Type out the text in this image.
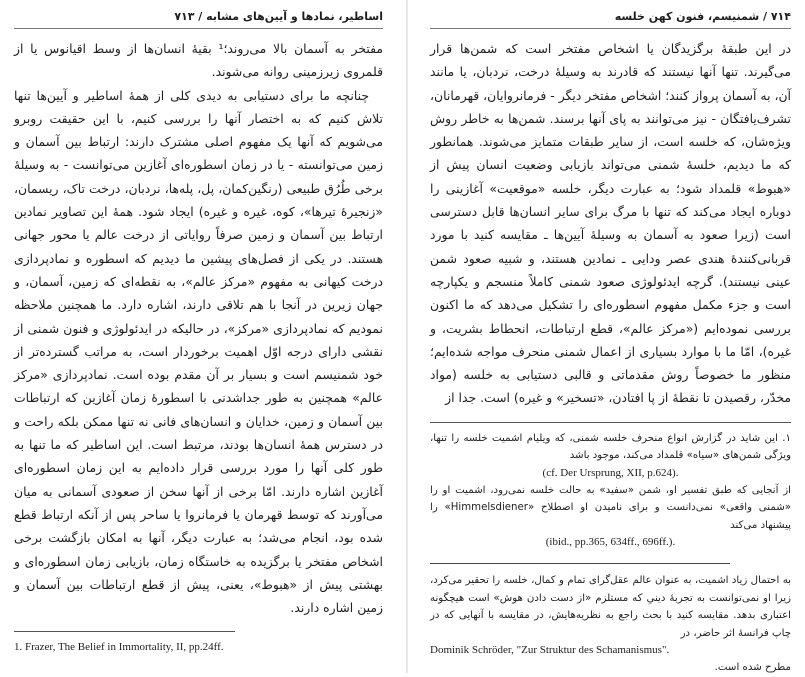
۷۱۴ / شمنیسم، فنون کهن خلسه

در این طبقهٔ برگزیدگان یا اشخاص مفتخر است که شمن‌ها قرار می‌گیرند. تنها آنها نیستند که قادرند به وسیلهٔ درخت، نردبان، یا مانند آن، به آسمان پرواز کنند؛ اشخاص مفتخر دیگر - فرمانروایان، قهرمانان، تشرف‌یافتگان - نیز می‌توانند به پای آنها برسند. شمن‌ها به خاطر روش ویژه‌شان، که خلسه است، از سایر طبقات متمایز می‌شوند. همانطور که ما دیدیم، خلسهٔ شمنی می‌تواند بازیابی وضعیت انسان پیش از «هبوط» قلمداد شود؛ به عبارت دیگر، خلسه «موقعیت» آغازینی را دوباره ایجاد می‌کند که تنها با مرگ برای سایر انسان‌ها قابل دسترسی است (زیرا صعود به آسمان به وسیلهٔ آیین‌ها ـ مقایسه کنید با مورد قربانی‌کنندهٔ هندی عصر ودایی ـ نمادین هستند، و شبیه صعود شمن عینی نیستند). گرچه ایدئولوژی صعود شمنی کاملاً منسجم و یکپارچه است و جزء مکمل مفهوم اسطوره‌ای را تشکیل می‌دهد که ما اکنون بررسی نموده‌ایم («مرکز عالم»، قطع ارتباطات، انحطاط بشریت، و غیره)، امّا ما با موارد بسیاری از اعمال شمنی منحرف مواجه شده‌ایم؛ منظور ما خصوصاً روش مقدماتی و قالبی دستیابی به خلسه (مواد مخدّر، رقصیدن تا نقطهٔ از پا افتادن، «تسخیر» و غیره) است. جدا از

۱. این شاید در گزارش انواع منحرف خلسه شمنی، که ویلیام اشمیت خلسه را تنها، ویژگی شمن‌های «سیاه» قلمداد می‌کند، موجود باشد

(cf. Der Ursprung, XII, p.624).

از آنجایی که طبق تفسیر او، شمن «سفید» به حالت خلسه نمی‌رود، اشمیت او را «شمنی واقعی» نمی‌دانست و برای نامیدن او اصطلاح «Himmelsdiener» را پیشنهاد می‌کند

(ibid., pp.365, 634ff., 696ff.).

به احتمال زیاد اشمیت، به عنوان عالم عقل‌گرای تمام و کمال، خلسه را تحقیر می‌کرد، زیرا او نمی‌توانست به تجربهٔ دینیِ که مستلزم «از دست دادن هوش» است هیچگونه اعتباری بدهد. مقایسه کنید با بحث راجع به نظریه‌هایش، در مقایسه با آنهایی که در چاپ فرانسهٔ اثر حاضر، در

Dominik Schröder, "Zur Struktur des Schamanismus".

مطرح شده است.

اساطیر، نمادها و آیین‌های مشابه / ۷۱۳

مفتخر به آسمان بالا می‌روند؛¹ بقیهٔ انسان‌ها از وسط اقیانوس یا از قلمروی زیرزمینی روانه می‌شوند.

چنانچه ما برای دستیابی به دیدی کلی از همهٔ اساطیر و آیین‌ها تنها تلاش کنیم که به اختصار آنها را بررسی کنیم، با این حقیقت روبرو می‌شویم که آنها یک مفهوم اصلی مشترک دارند: ارتباط بین آسمان و زمین می‌توانسته - یا در زمان اسطوره‌ای آغازین می‌توانست - به وسیلهٔ برخی طُرُق طبیعی (رنگین‌کمان، پل، پله‌ها، نردبان، درخت تاک، ریسمان، «زنجیرهٔ تیرها»، کوه، غیره و غیره) ایجاد شود. همهٔ این تصاویر نمادین ارتباط بین آسمان و زمین صرفاً روایاتی از درخت عالم یا محور جهانی هستند. در یکی از فصل‌های پیشین ما دیدیم که اسطوره و نمادپردازی درخت کیهانی به مفهوم «مرکز عالم»، به نقطه‌ای که زمین، آسمان، و جهان زیرین در آنجا با هم تلاقی دارند، اشاره دارد. ما همچنین ملاحظه نمودیم که نمادپردازی «مرکز»، در حالیکه در ایدئولوژی و فنون شمنی از نقشی دارای درجه اوّل اهمیت برخوردار است، به مراتب گسترده‌تر از خود شمنیسم است و بسیار بر آن مقدم بوده است. نمادپردازی «مرکز عالم» همچنین به طور جداشدنی با اسطورهٔ زمان آغازین که ارتباطات بین آسمان و زمین، خدایان و انسان‌های فانی نه تنها ممکن بلکه راحت و در دسترس همهٔ انسان‌ها بودند، مرتبط است. این اساطیر که ما تنها به طور کلی آنها را مورد بررسی قرار داده‌ایم به این زمان اسطوره‌ای آغازین اشاره دارند. امّا برخی از آنها سخن از صعودی آسمانی به میان می‌آورند که توسط قهرمان یا فرمانروا یا ساحر پس از آنکه ارتباط قطع شده بود، انجام می‌شد؛ به عبارت دیگر، آنها به امکان بازگشت برخی اشخاص مفتخر یا برگزیده به خاستگاه زمان، بازیابی زمان اسطوره‌ای و بهشتی پیش از «هبوط»، یعنی، پیش از قطع ارتباطات بین آسمان و زمین اشاره دارند.

1. Frazer, The Belief in Immortality, II, pp.24ff.
